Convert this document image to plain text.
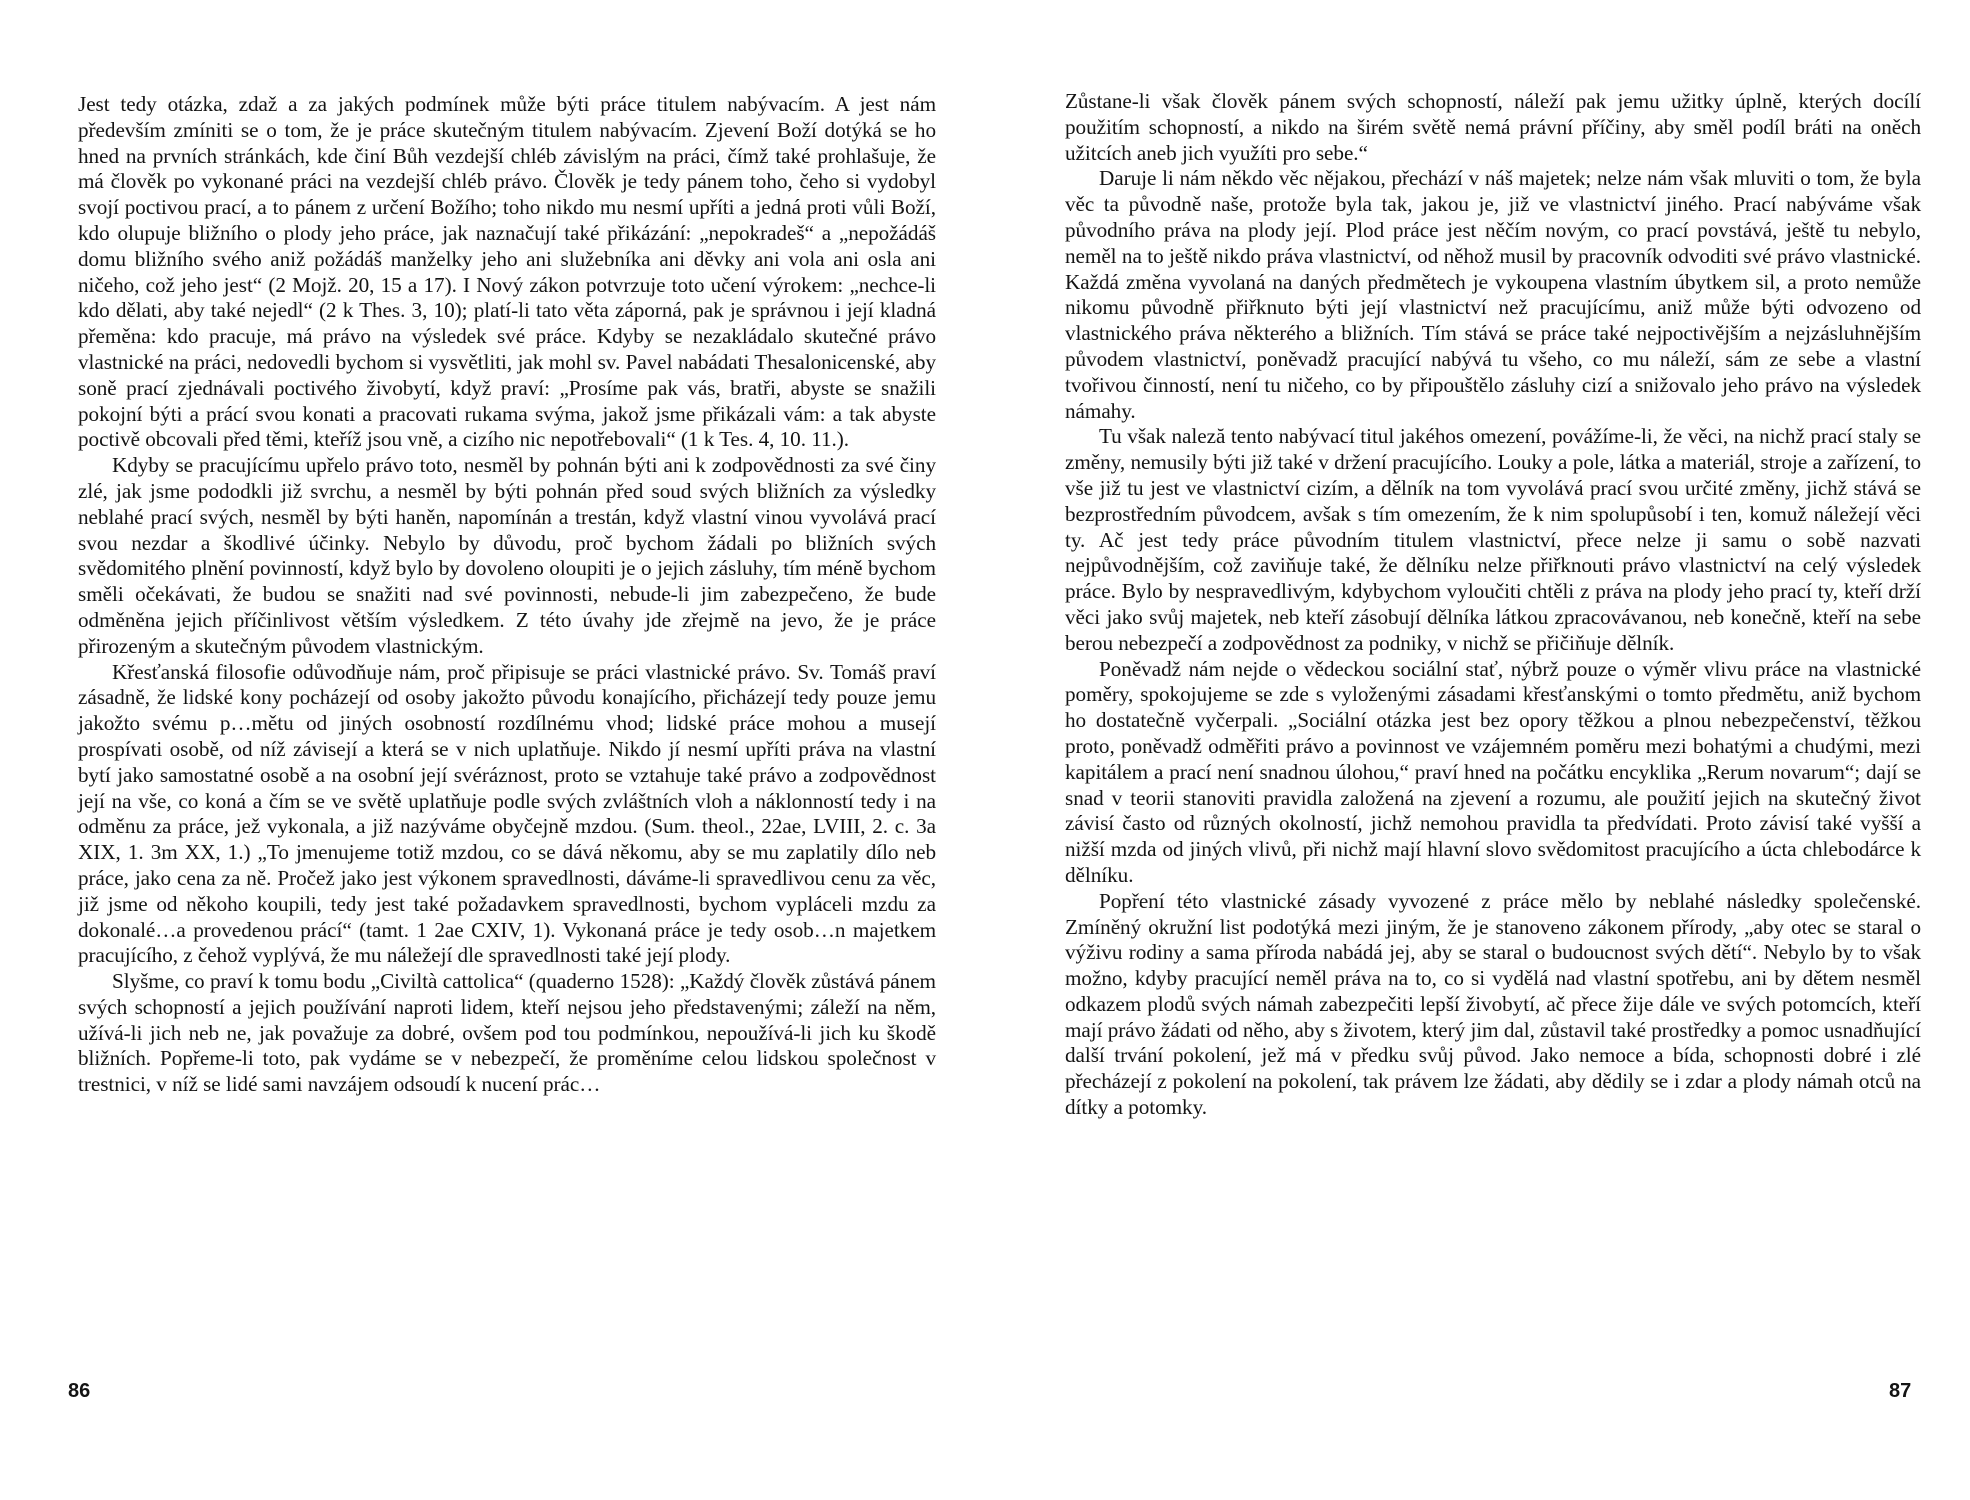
Jest tedy otázka, zdaž a za jakých podmínek může býti práce titulem nabývacím. A jest nám především zmíniti se o tom, že je práce skutečným titulem nabývacím. Zjevení Boží dotýká se ho hned na prvních stránkách, kde činí Bůh vezdejší chléb závislým na práci, čímž také prohlašuje, že má člověk po vykonané práci na vezdejší chléb právo. Člověk je tedy pánem toho, čeho si vydobyl svojí poctivou prací, a to pánem z určení Božího; toho nikdo mu nesmí upříti a jedná proti vůli Boží, kdo olupuje bližního o plody jeho práce, jak naznačují také přikázání: „nepokradeš“ a „nepožádáš domu bližního svého aniž požádáš manželky jeho ani služebníka ani děvky ani vola ani osla ani ničeho, což jeho jest“ (2 Mojž. 20, 15 a 17). I Nový zákon potvrzuje toto učení výrokem: „nechce-li kdo dělati, aby také nejedl“ (2 k Thes. 3, 10); platí-li tato věta záporná, pak je správnou i její kladná přeměna: kdo pracuje, má právo na výsledek své práce. Kdyby se nezakládalo skutečné právo vlastnické na práci, nedovedli bychom si vysvětliti, jak mohl sv. Pavel nabádati Thesalonicenské, aby soně prací zjednávali poctivého živobytí, když praví: „Prosíme pak vás, bratři, abyste se snažili pokojní býti a prácí svou konati a pracovati rukama svýma, jakož jsme přikázali vám: a tak abyste poctivě obcovali před těmi, kteříž jsou vně, a cizího nic nepotřebovali“ (1 k Tes. 4, 10. 11.).

Kdyby se pracujícímu upřelo právo toto, nesměl by pohnán býti ani k zodpovědnosti za své činy zlé, jak jsme pododkli již svrchu, a nesměl by býti pohnán před soud svých bližních za výsledky neblahé prací svých, nesměl by býti haněn, napomínán a trestán, když vlastní vinou vyvolává prací svou nezdar a škodlivé účinky. Nebylo by důvodu, proč bychom žádali po bližních svých svědomitého plnění povinností, když bylo by dovoleno oloupiti je o jejich zásluhy, tím méně bychom směli očekávati, že budou se snažiti nad své povinnosti, nebude-li jim zabezpečeno, že bude odměněna jejich příčinlivost větším výsledkem. Z této úvahy jde zřejmě na jevo, že je práce přirozeným a skutečným původem vlastnickým.

Křesťanská filosofie odůvodňuje nám, proč připisuje se práci vlastnické právo. Sv. Tomáš praví zásadně, že lidské kony pocházejí od osoby jakožto původu konajícího, přicházejí tedy pouze jemu jakožto svému p…mětu od jiných osobností rozdílnému vhod; lidské práce mohou a musejí prospívati osobě, od níž závisejí a která se v nich uplatňuje. Nikdo jí nesmí upříti práva na vlastní bytí jako samostatné osobě a na osobní její svéráznost, proto se vztahuje také právo a zodpovědnost její na vše, co koná a čím se ve světě uplatňuje podle svých zvláštních vloh a náklonností tedy i na odměnu za práce, jež vykonala, a již nazýváme obyčejně mzdou. (Sum. theol., 22ae, LVIII, 2. c. 3a XIX, 1. 3m XX, 1.) „To jmenujeme totiž mzdou, co se dává někomu, aby se mu zaplatily dílo neb práce, jako cena za ně. Pročež jako jest výkonem spravedlnosti, dáváme-li spravedlivou cenu za věc, již jsme od někoho koupili, tedy jest také požadavkem spravedlnosti, bychom vypláceli mzdu za dokonalé…a provedenou prácí“ (tamt. 1 2ae CXIV, 1). Vykonaná práce je tedy osob…n majetkem pracujícího, z čehož vyplývá, že mu náležejí dle spravedlnosti také její plody.

Slyšme, co praví k tomu bodu „Civiltà cattolica“ (quaderno 1528): „Každý člověk zůstává pánem svých schopností a jejich používání naproti lidem, kteří nejsou jeho představenými; záleží na něm, užívá-li jich neb ne, jak považuje za dobré, ovšem pod tou podmínkou, nepoužívá-li jich ku škodě bližních. Popřeme-li toto, pak vydáme se v nebezpečí, že proměníme celou lidskou společnost v trestnici, v níž se lidé sami navzájem odsoudí k nucení prác…

86

Zůstane-li však člověk pánem svých schopností, náleží pak jemu užitky úplně, kterých docílí použitím schopností, a nikdo na širém světě nemá právní příčiny, aby směl podíl bráti na oněch užitcích aneb jich využíti pro sebe.“

Daruje li nám někdo věc nějakou, přechází v náš majetek; nelze nám však mluviti o tom, že byla věc ta původně naše, protože byla tak, jakou je, již ve vlastnictví jiného. Prací nabýváme však původního práva na plody její. Plod práce jest něčím novým, co prací povstává, ještě tu nebylo, neměl na to ještě nikdo práva vlastnictví, od něhož musil by pracovník odvoditi své právo vlastnické. Každá změna vyvolaná na daných předmětech je vykoupena vlastním úbytkem sil, a proto nemůže nikomu původně přiřknuto býti její vlastnictví než pracujícímu, aniž může býti odvozeno od vlastnického práva některého a bližních. Tím stává se práce také nejpoctivějším a nejzásluhnějším původem vlastnictví, poněvadž pracující nabývá tu všeho, co mu náleží, sám ze sebe a vlastní tvořivou činností, není tu ničeho, co by připouštělo zásluhy cizí a snižovalo jeho právo na výsledek námahy.

Tu však naleză tento nabývací titul jakéhos omezení, povážíme-li, že věci, na nichž prací staly se změny, nemusily býti již také v držení pracujícího. Louky a pole, látka a materiál, stroje a zařízení, to vše již tu jest ve vlastnictví cizím, a dělník na tom vyvolává prací svou určité změny, jichž stává se bezprostředním původcem, avšak s tím omezením, že k nim spolupůsobí i ten, komuž náležejí věci ty. Ač jest tedy práce původním titulem vlastnictví, přece nelze ji samu o sobě nazvati nejpůvodnějším, což zaviňuje také, že dělníku nelze přiřknouti právo vlastnictví na celý výsledek práce. Bylo by nespravedlivým, kdybychom vyloučiti chtěli z práva na plody jeho prací ty, kteří drží věci jako svůj majetek, neb kteří zásobují dělníka látkou zpracovávanou, neb konečně, kteří na sebe berou nebezpečí a zodpovědnost za podniky, v nichž se přičiňuje dělník.

Poněvadž nám nejde o vědeckou sociální stať, nýbrž pouze o výměr vlivu práce na vlastnické poměry, spokojujeme se zde s vyloženými zásadami křesťanskými o tomto předmětu, aniž bychom ho dostatečně vyčerpali. „Sociální otázka jest bez opory těžkou a plnou nebezpečenství, těžkou proto, poněvadž odměřiti právo a povinnost ve vzájemném poměru mezi bohatými a chudými, mezi kapitálem a prací není snadnou úlohou,“ praví hned na počátku encyklika „Rerum novarum“; dají se snad v teorii stanoviti pravidla založená na zjevení a rozumu, ale použití jejich na skutečný život závisí často od různých okolností, jichž nemohou pravidla ta předvídati. Proto závisí také vyšší a nižší mzda od jiných vlivů, při nichž mají hlavní slovo svědomitost pracujícího a úcta chlebodárce k dělníku.

Popření této vlastnické zásady vyvozené z práce mělo by neblahé následky společenské. Zmíněný okružní list podotýká mezi jiným, že je stanoveno zákonem přírody, „aby otec se staral o výživu rodiny a sama příroda nabádá jej, aby se staral o budoucnost svých dětí“. Nebylo by to však možno, kdyby pracující neměl práva na to, co si vydělá nad vlastní spotřebu, ani by dětem nesměl odkazem plodů svých námah zabezpečiti lepší živobytí, ač přece žije dále ve svých potomcích, kteří mají právo žádati od něho, aby s životem, který jim dal, zůstavil také prostředky a pomoc usnadňující další trvání pokolení, jež má v předku svůj původ. Jako nemoce a bída, schopnosti dobré i zlé přecházejí z pokolení na pokolení, tak právem lze žádati, aby dědily se i zdar a plody námah otců na dítky a potomky.

87
